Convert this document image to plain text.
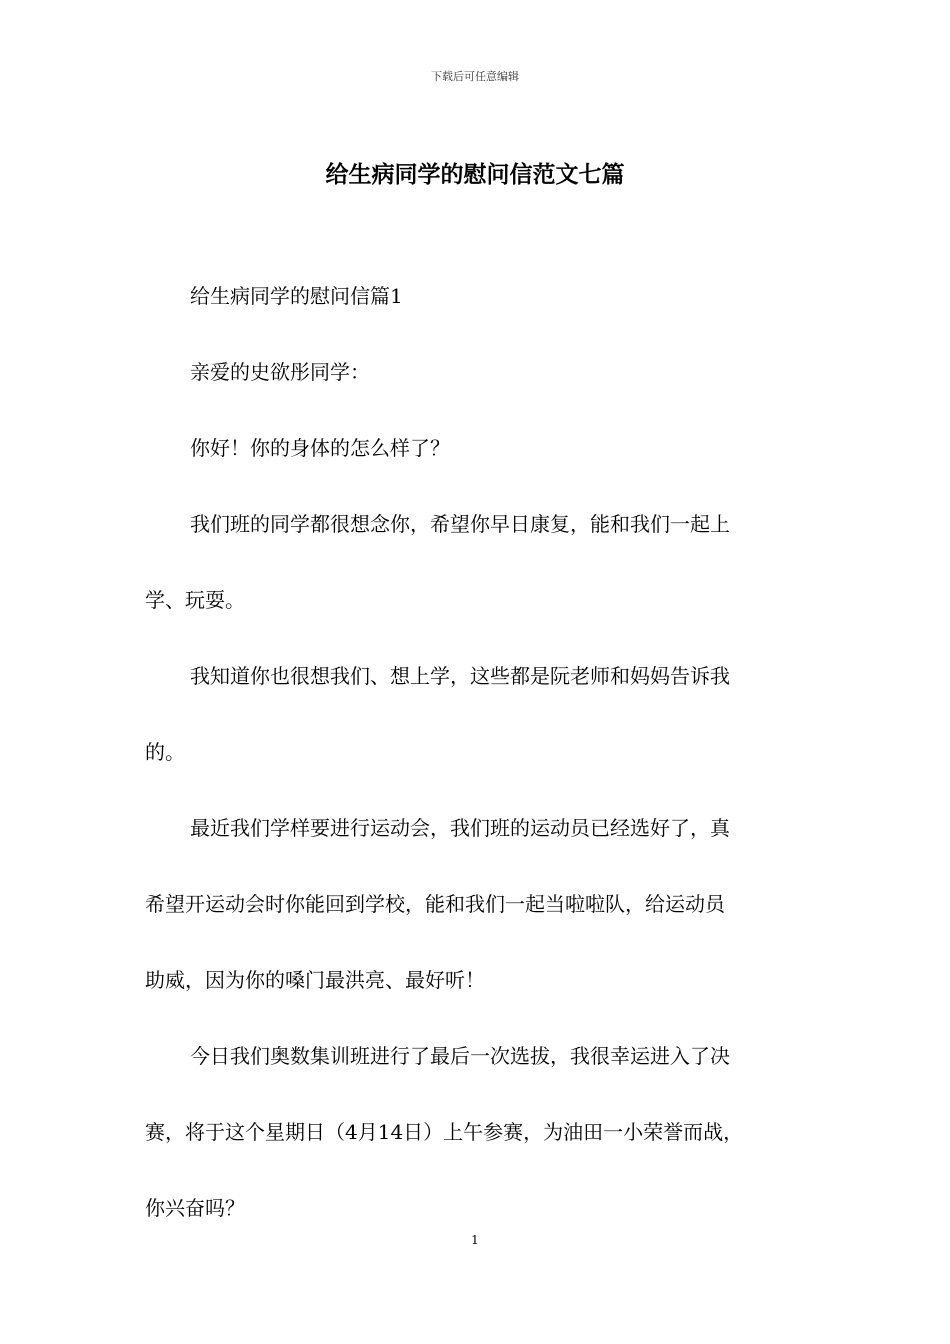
下载后可任意编辑
给生病同学的慰问信范文七篇
给生病同学的慰问信篇1
亲爱的史欲彤同学：
你好！你的身体的怎么样了？
我们班的同学都很想念你，希望你早日康复，能和我们一起上
学、玩耍。
我知道你也很想我们、想上学，这些都是阮老师和妈妈告诉我
的。
最近我们学样要进行运动会，我们班的运动员已经选好了，真
希望开运动会时你能回到学校，能和我们一起当啦啦队，给运动员
助威，因为你的嗓门最洪亮、最好听！
今日我们奥数集训班进行了最后一次选拔，我很幸运进入了决
赛，将于这个星期日（4月14日）上午参赛，为油田一小荣誉而战，
你兴奋吗？
1
